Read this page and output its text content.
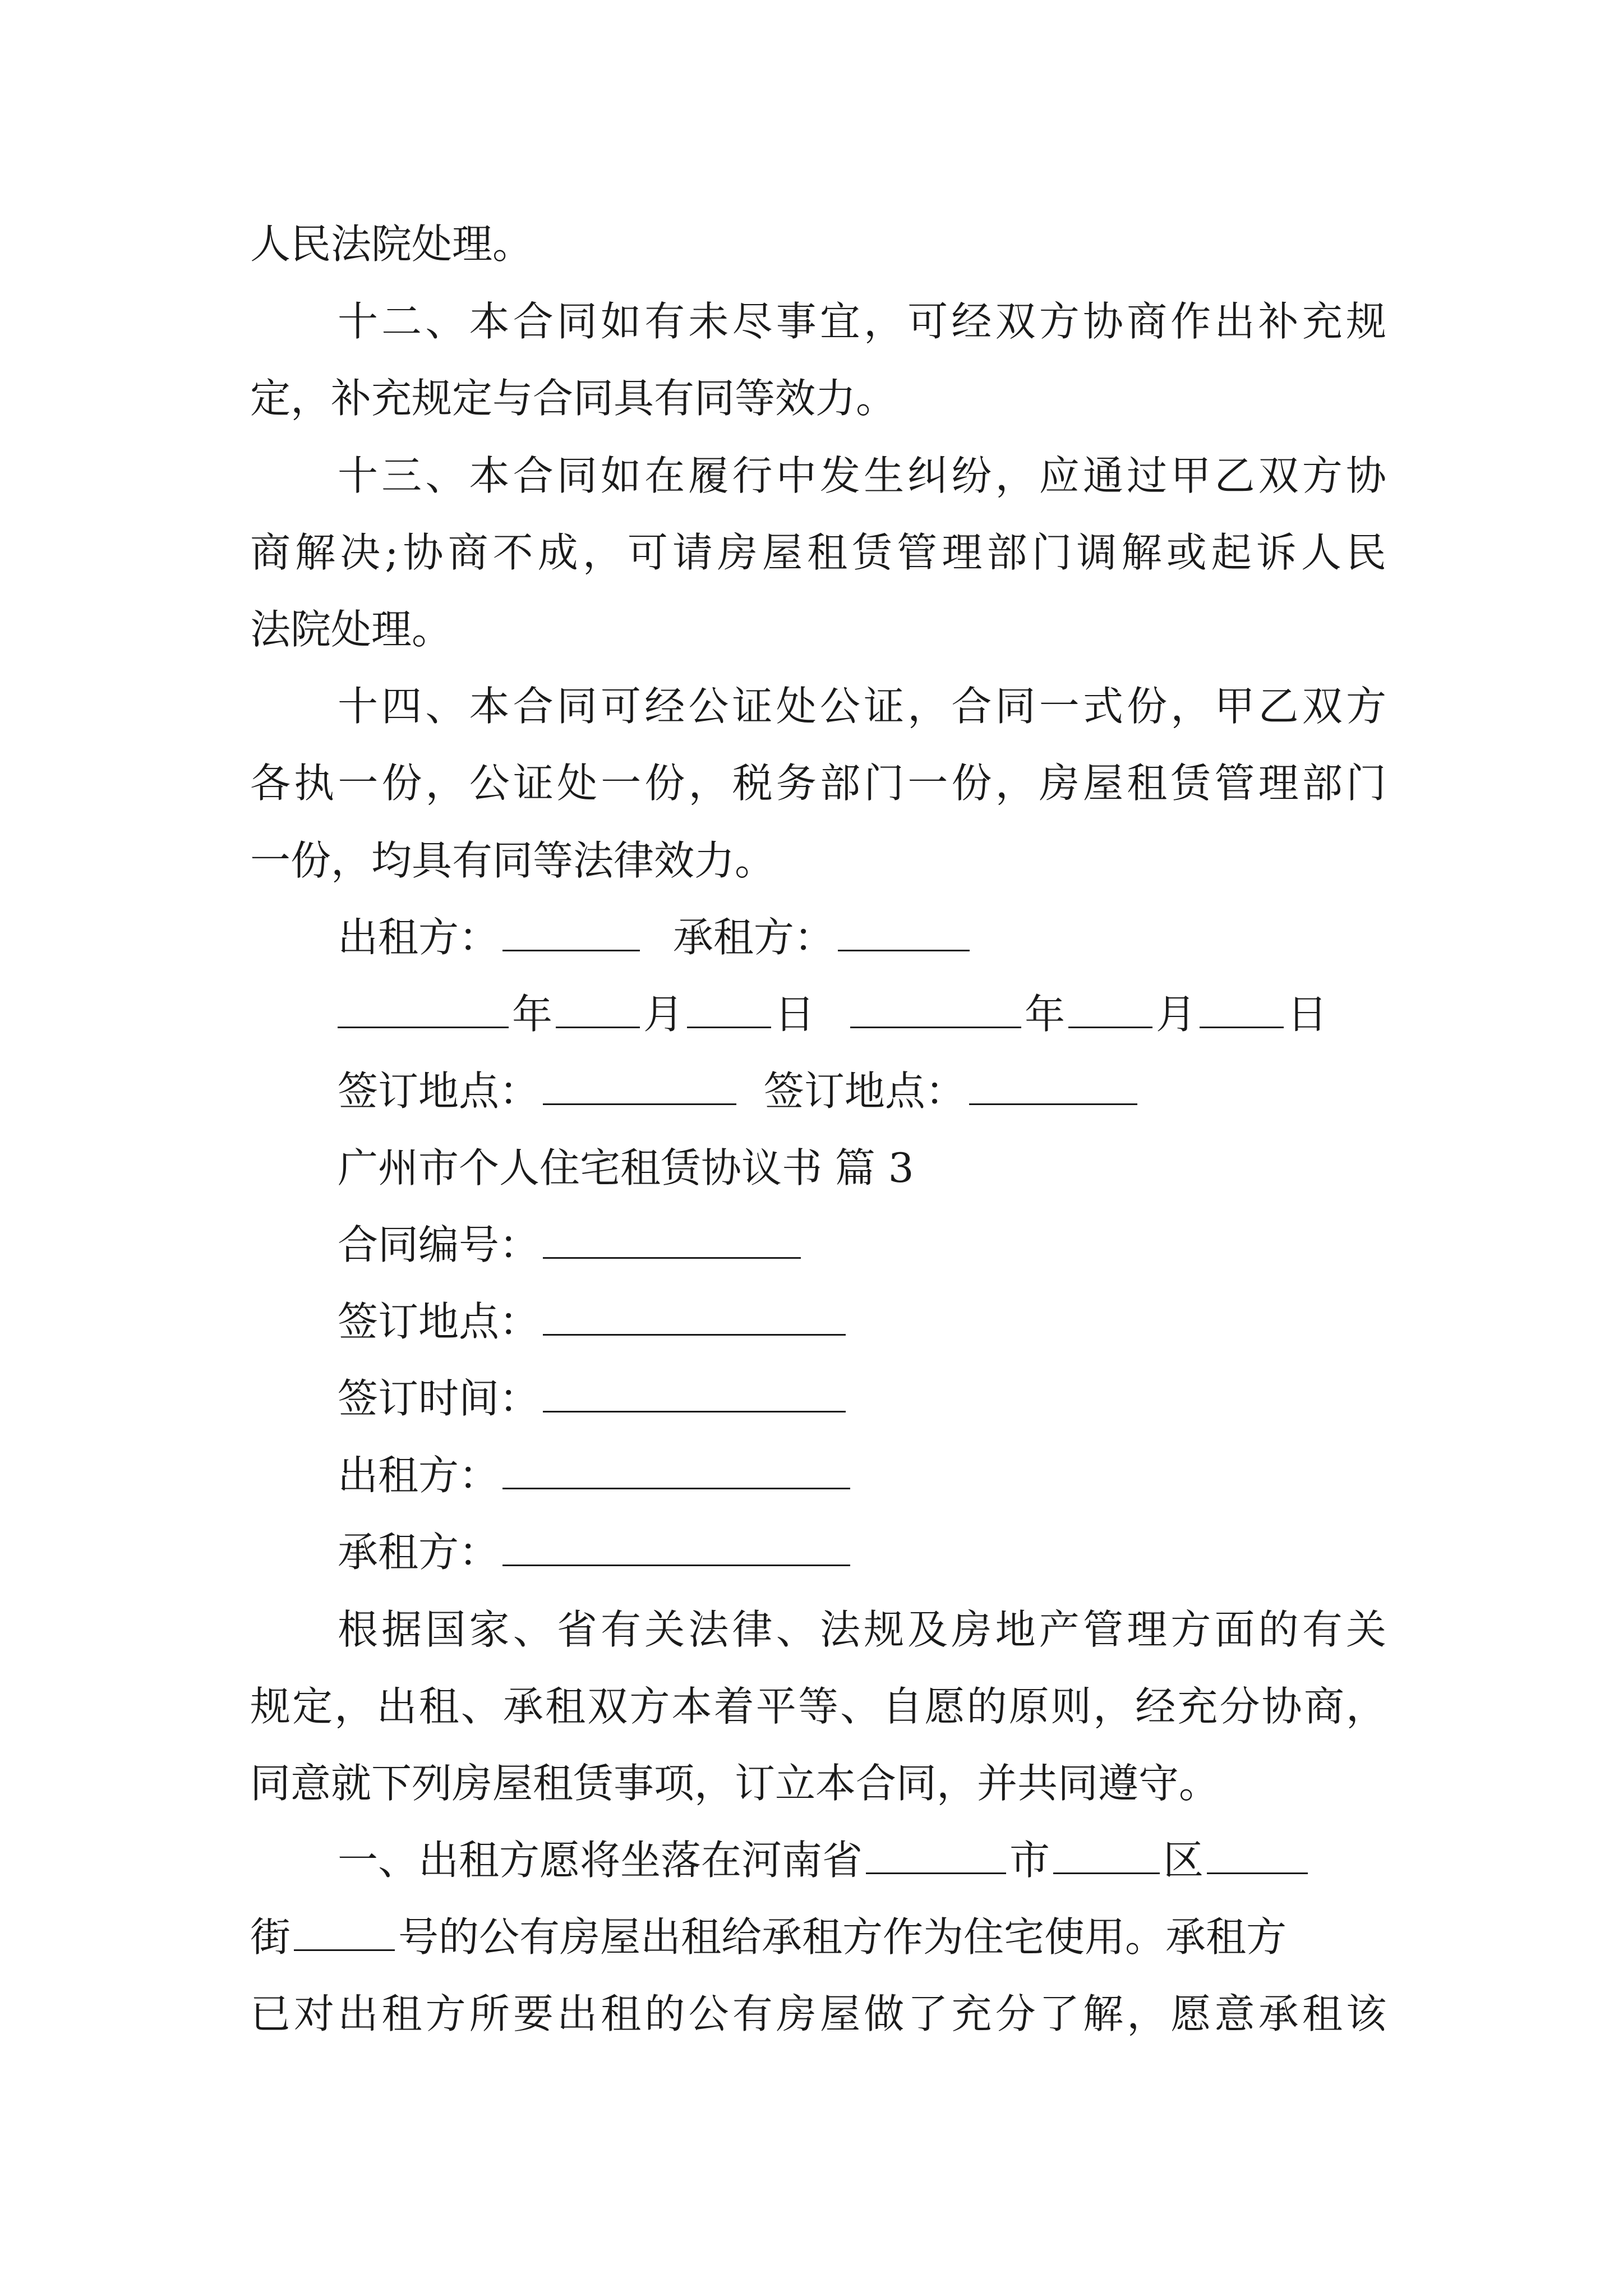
人民法院处理。
十二、本合同如有未尽事宜，可经双方协商作出补充规
定，补充规定与合同具有同等效力。
十三、本合同如在履行中发生纠纷，应通过甲乙双方协
商解决;协商不成，可请房屋租赁管理部门调解或起诉人民
法院处理。
十四、本合同可经公证处公证，合同一式份，甲乙双方
各执一份，公证处一份，税务部门一份，房屋租赁管理部门
一份，均具有同等法律效力。
出租方：	承租方：
年 月 日	年 月 日
签订地点：	签订地点：
广州市个人住宅租赁协议书 篇 3
合同编号：
签订地点：
签订时间：
出租方：
承租方：
根据国家、省有关法律、法规及房地产管理方面的有关
规定，出租、承租双方本着平等、自愿的原则，经充分协商，
同意就下列房屋租赁事项，订立本合同，并共同遵守。
一、出租方愿将坐落在河南省	市	区
街	号的公有房屋出租给承租方作为住宅使用。承租方
已对出租方所要出租的公有房屋做了充分了解，愿意承租该
